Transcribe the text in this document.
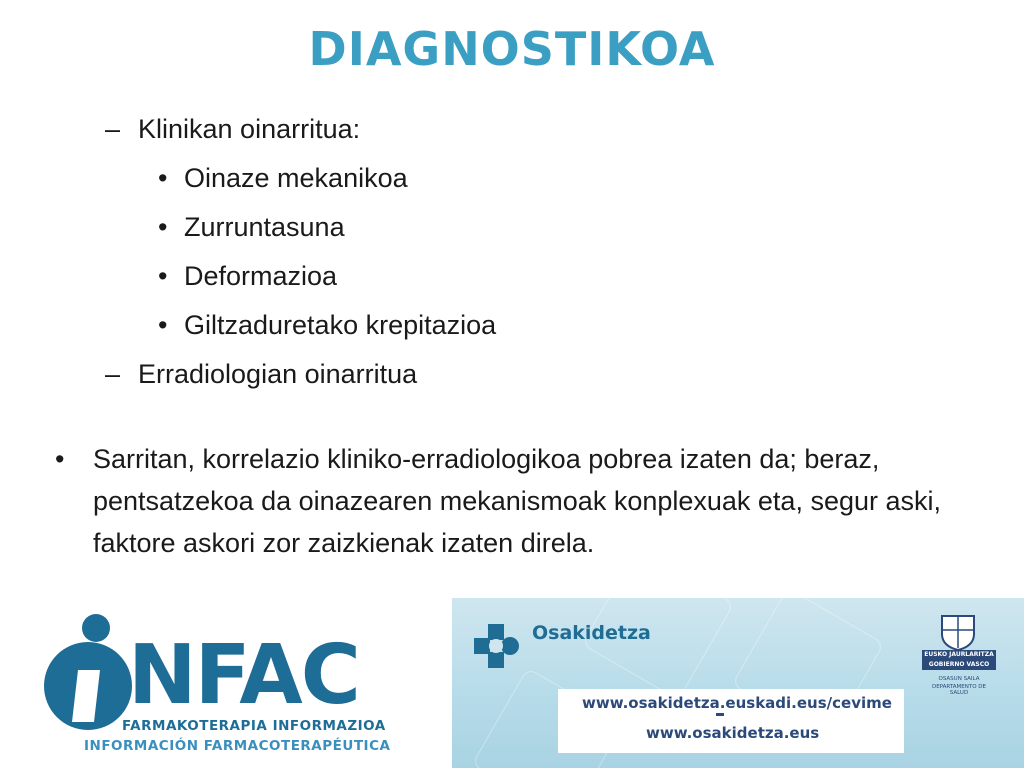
DIAGNOSTIKOA
– Klinikan oinarritua:
• Oinaze mekanikoa
• Zurruntasuna
• Deformazioa
• Giltzaduretako krepitazioa
– Erradiologian oinarritua
• Sarritan, korrelazio kliniko-erradiologikoa pobrea izaten da; beraz, pentsatzekoa da oinazearen mekanismoak konplexuak eta, segur aski, faktore askori zor zaizkienak izaten direla.
NFAC
FARMAKOTERAPIA INFORMAZIOA
INFORMACIÓN FARMACOTERAPÉUTICA
Osakidetza
www.osakidetza.euskadi.eus/cevime
www.osakidetza.eus
EUSKO JAURLARITZA
GOBIERNO VASCO
OSASUN SAILA
DEPARTAMENTO DE SALUD
